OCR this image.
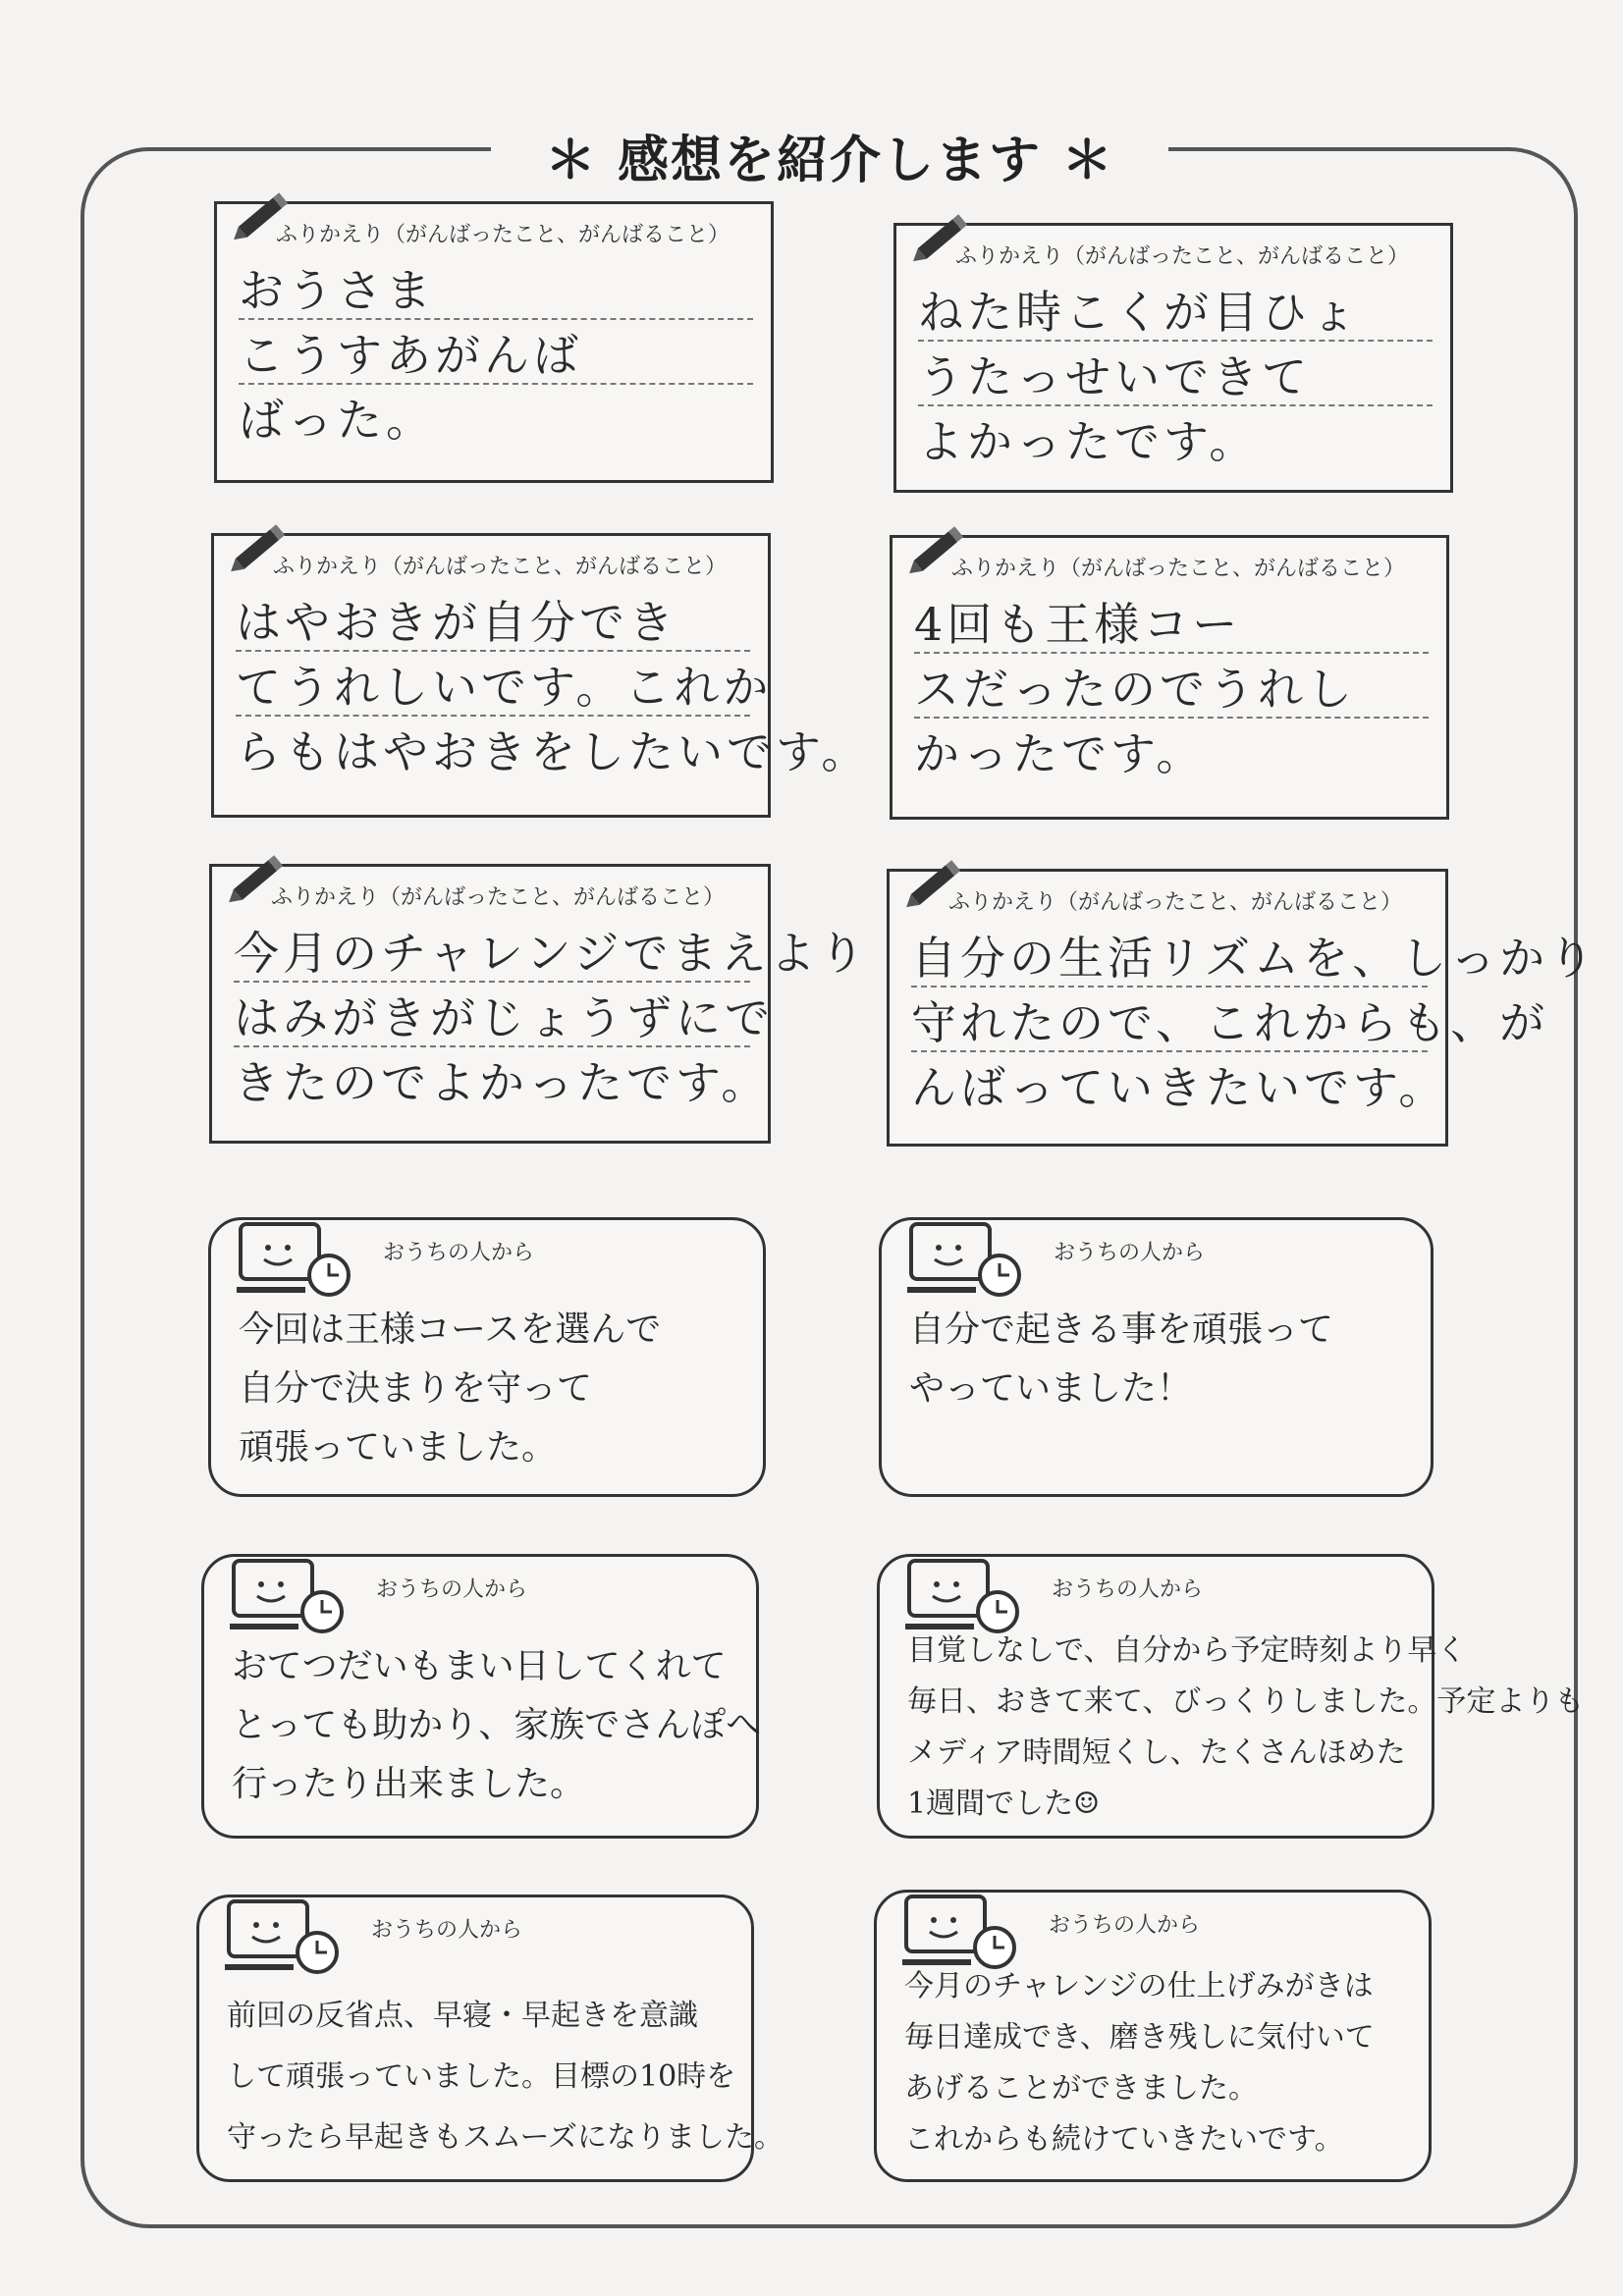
＊ 感想を紹介します ＊
ふりかえり（がんばったこと、がんばること）
おうさま
こうすあがんば
ばった。
ふりかえり（がんばったこと、がんばること）
ねた時こくが目ひょ
うたっせいできて
よかったです。
ふりかえり（がんばったこと、がんばること）
はやおきが自分でき
てうれしいです。これか
らもはやおきをしたいです。
ふりかえり（がんばったこと、がんばること）
4回も王様コー
スだったのでうれし
かったです。
ふりかえり（がんばったこと、がんばること）
今月のチャレンジでまえより
はみがきがじょうずにで
きたのでよかったです。
ふりかえり（がんばったこと、がんばること）
自分の生活リズムを、しっかり
守れたので、これからも、が
んばっていきたいです。
おうちの人から
今回は王様コースを選んで
自分で決まりを守って
頑張っていました。
おうちの人から
自分で起きる事を頑張って
やっていました！
おうちの人から
おてつだいもまい日してくれて
とっても助かり、家族でさんぽへ
行ったり出来ました。
おうちの人から
目覚しなしで、自分から予定時刻より早く
毎日、おきて来て、びっくりしました。予定よりも
メディア時間短くし、たくさんほめた
1週間でした☺
おうちの人から
前回の反省点、早寝・早起きを意識
して頑張っていました。目標の10時を
守ったら早起きもスムーズになりました。
おうちの人から
今月のチャレンジの仕上げみがきは
毎日達成でき、磨き残しに気付いて
あげることができました。
これからも続けていきたいです。
